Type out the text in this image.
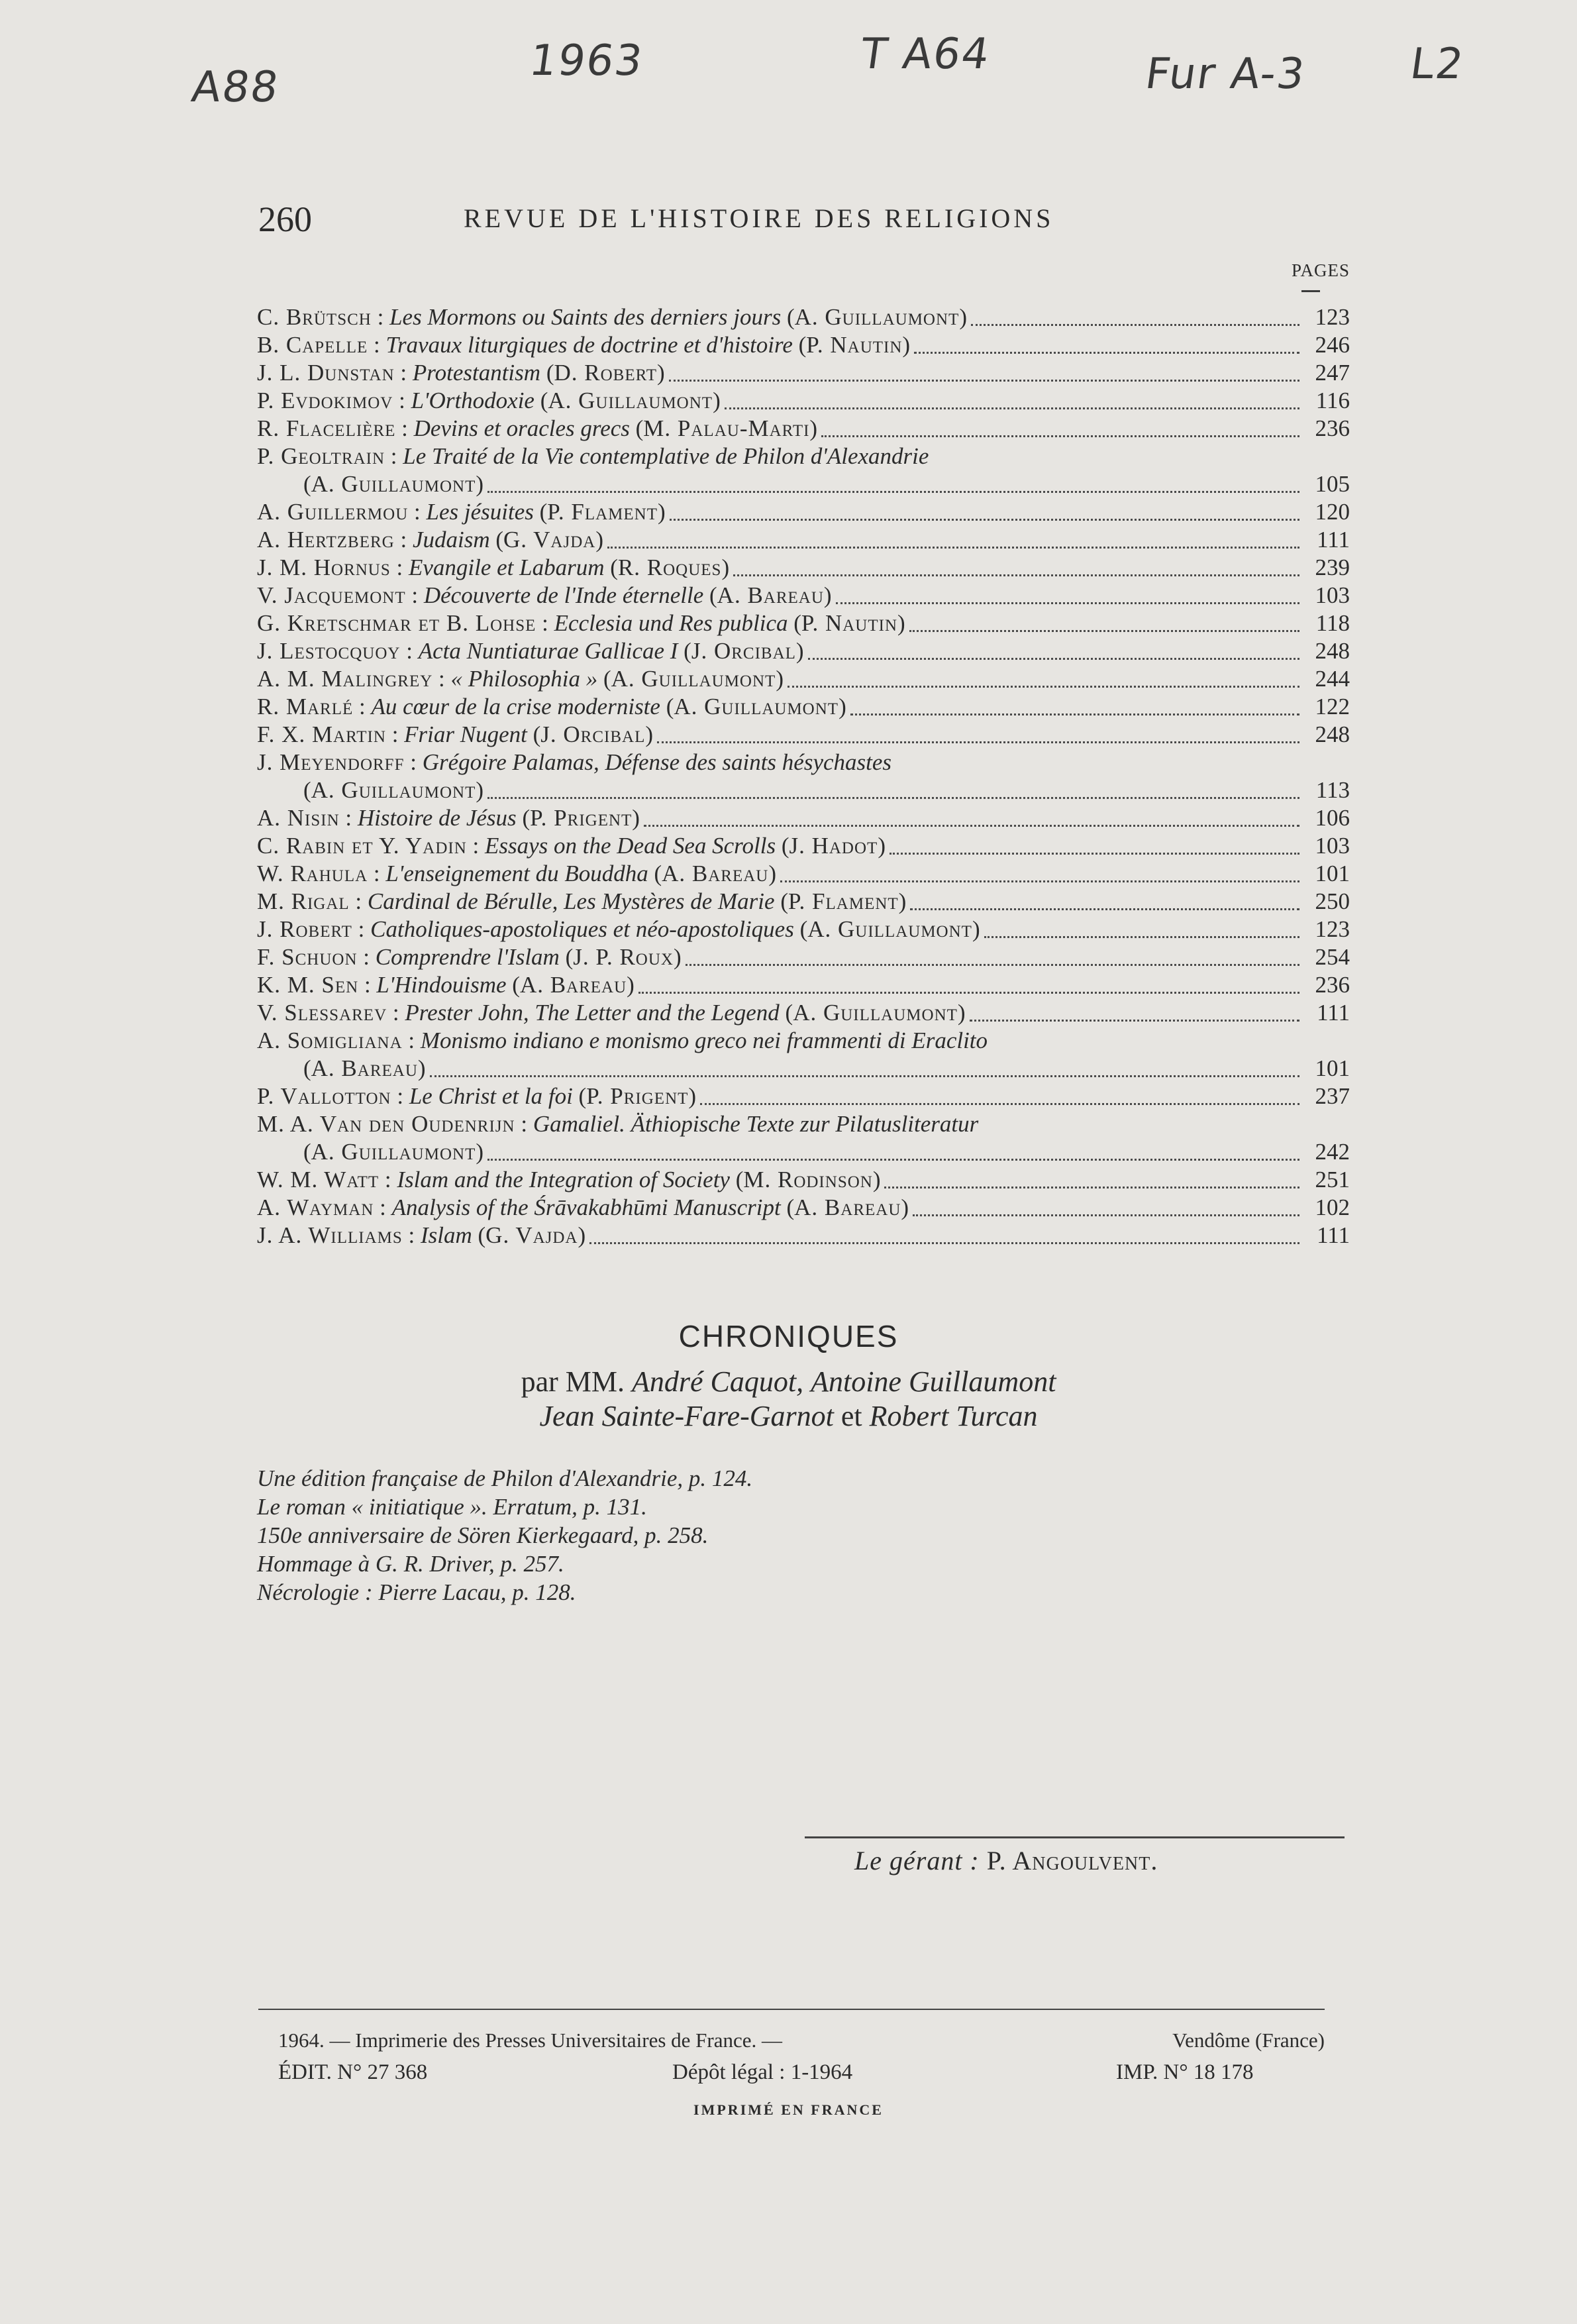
A88
1963	T A64	Fur A-3 L2
260	REVUE DE L'HISTOIRE DES RELIGIONS
PAGES
C. Brütsch : Les Mormons ou Saints des derniers jours (A. Guillaumont)	123
B. Capelle : Travaux liturgiques de doctrine et d'histoire (P. Nautin)	246
J. L. Dunstan : Protestantism (D. Robert)	247
P. Evdokimov : L'Orthodoxie (A. Guillaumont)	116
R. Flacelière : Devins et oracles grecs (M. Palau-Marti)	236
P. Geoltrain : Le Traité de la Vie contemplative de Philon d'Alexandrie
(A. Guillaumont)	105
A. Guillermou : Les jésuites (P. Flament)	120
A. Hertzberg : Judaism (G. Vajda)	111
J. M. Hornus : Evangile et Labarum (R. Roques)	239
V. Jacquemont : Découverte de l'Inde éternelle (A. Bareau)	103
G. Kretschmar et B. Lohse : Ecclesia und Res publica (P. Nautin)	118
J. Lestocquoy : Acta Nuntiaturae Gallicae I (J. Orcibal)	248
A. M. Malingrey : « Philosophia » (A. Guillaumont)	244
R. Marlé : Au cœur de la crise moderniste (A. Guillaumont)	122
F. X. Martin : Friar Nugent (J. Orcibal)	248
J. Meyendorff : Grégoire Palamas, Défense des saints hésychastes
(A. Guillaumont)	113
A. Nisin : Histoire de Jésus (P. Prigent)	106
C. Rabin et Y. Yadin : Essays on the Dead Sea Scrolls (J. Hadot)	103
W. Rahula : L'enseignement du Bouddha (A. Bareau)	101
M. Rigal : Cardinal de Bérulle, Les Mystères de Marie (P. Flament)	250
J. Robert : Catholiques-apostoliques et néo-apostoliques (A. Guillaumont)	123
F. Schuon : Comprendre l'Islam (J. P. Roux)	254
K. M. Sen : L'Hindouisme (A. Bareau)	236
V. Slessarev : Prester John, The Letter and the Legend (A. Guillaumont)	111
A. Somigliana : Monismo indiano e monismo greco nei frammenti di Eraclito
(A. Bareau)	101
P. Vallotton : Le Christ et la foi (P. Prigent)	237
M. A. Van den Oudenrijn : Gamaliel. Äthiopische Texte zur Pilatusliteratur
(A. Guillaumont)	242
W. M. Watt : Islam and the Integration of Society (M. Rodinson)	251
A. Wayman : Analysis of the Śrāvakabhūmi Manuscript (A. Bareau)	102
J. A. Williams : Islam (G. Vajda)	111
CHRONIQUES
par MM. André Caquot, Antoine Guillaumont
Jean Sainte-Fare-Garnot et Robert Turcan
Une édition française de Philon d'Alexandrie, p. 124.
Le roman « initiatique ». Erratum, p. 131.
150e anniversaire de Sören Kierkegaard, p. 258.
Hommage à G. R. Driver, p. 257.
Nécrologie : Pierre Lacau, p. 128.
Le gérant : P. Angoulvent.
1964. — Imprimerie des Presses Universitaires de France. —	Vendôme (France)
ÉDIT. N° 27 368	Dépôt légal : 1-1964	IMP. N° 18 178
IMPRIMÉ EN FRANCE
